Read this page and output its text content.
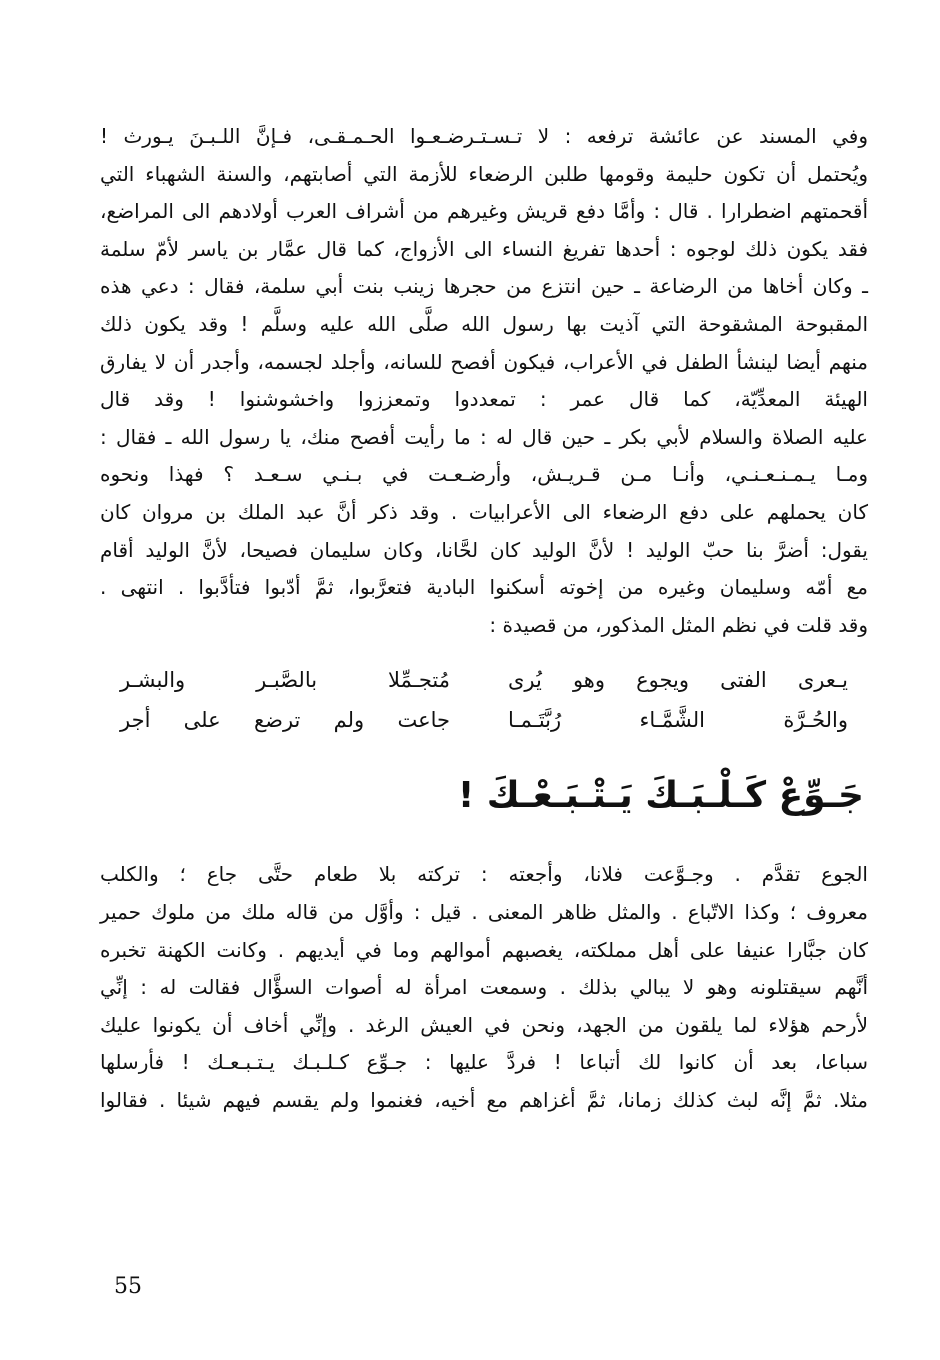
وفي المسند عن عائشة ترفعه : لا تـسـتـرضـعـوا الحـمـقـى، فـإنَّ اللـبـنَ يـورث !

ويُحتمل أن تكون حليمة وقومها طلبن الرضعاء للأزمة التي أصابتهم، والسنة الشهباء التي

أقحمتهم اضطرارا . قال : وأمَّا دفع قريش وغيرهم من أشراف العرب أولادهم الى المراضع،

فقد يكون ذلك لوجوه : أحدها تفريغ النساء الى الأزواج، كما قال عمَّار بن ياسر لأمّ سلمة

ـ وكان أخاها من الرضاعة ـ حين انتزع من حجرها زينب بنت أبي سلمة، فقال : دعي هذه

المقبوحة المشقوحة التي آذيت بها رسول الله صلَّى الله عليه وسلَّم ! وقد يكون ذلك

منهم أيضا لينشأ الطفل في الأعراب، فيكون أفصح للسانه، وأجلد لجسمه، وأجدر أن لا يفارق

الهيئة المعدِّيّة، كما قال عمر : تمعددوا وتمعززوا واخشوشنوا ! وقد قال

عليه الصلاة والسلام لأبي بكر ـ حين قال له : ما رأيت أفصح منك، يا رسول الله ـ فقال :

ومـا يـمـنـعـنـي، وأنـا مـن قـريـش، وأرضـعـت في بـنـي سـعـد ؟ فهذا ونحوه

كان يحملهم على دفع الرضعاء الى الأعرابيات . وقد ذكر أنَّ عبد الملك بن مروان كان

يقول: أضرَّ بنا حبّ الوليد ! لأنَّ الوليد كان لحَّانا، وكان سليمان فصيحا، لأنَّ الوليد أقام

مع أمّه وسليمان وغيره من إخوته أسكنوا البادية فتعرَّبوا، ثمَّ أدّبوا فتأدَّبوا . انتهى .

وقد قلت في نظم المثل المذكور، من قصيدة :

يـعرى الفتى ويجوع وهو يُرى
مُتجـمِّلا بالصَّبـر والبشـر
والحُـرَّة الشَّمَّـاء رُبَّتَـمـا
جاعت ولم ترضع على أجر
جَـوِّعْ كَـلْـبَـكَ يَـتْـبَـعْـكَ !

الجوع تقدَّم . وجـوَّعت فلانا، وأجعته : تركته بلا طعام حتَّى جاع ؛ والكلب

معروف ؛ وكذا الاتّباع . والمثل ظاهر المعنى . قيل : وأوَّل من قاله ملك من ملوك حمير

كان جبَّارا عنيفا على أهل مملكته، يغصبهم أموالهم وما في أيديهم . وكانت الكهنة تخبره

أنَّهم سيقتلونه وهو لا يبالي بذلك . وسمعت امرأة له أصوات السؤَّال فقالت له : إنِّي

لأرحم هؤلاء لما يلقون من الجهد، ونحن في العيش الرغد . وإنِّي أخاف أن يكونوا عليك

سباعا، بعد أن كانوا لك أتباعا ! فردَّ عليها : جـوِّع كـلـبـك يـتـبـعـك ! فأرسلها

مثلا. ثمَّ إنَّه لبث كذلك زمانا، ثمَّ أغزاهم مع أخيه، فغنموا ولم يقسم فيهم شيئا . فقالوا

55
